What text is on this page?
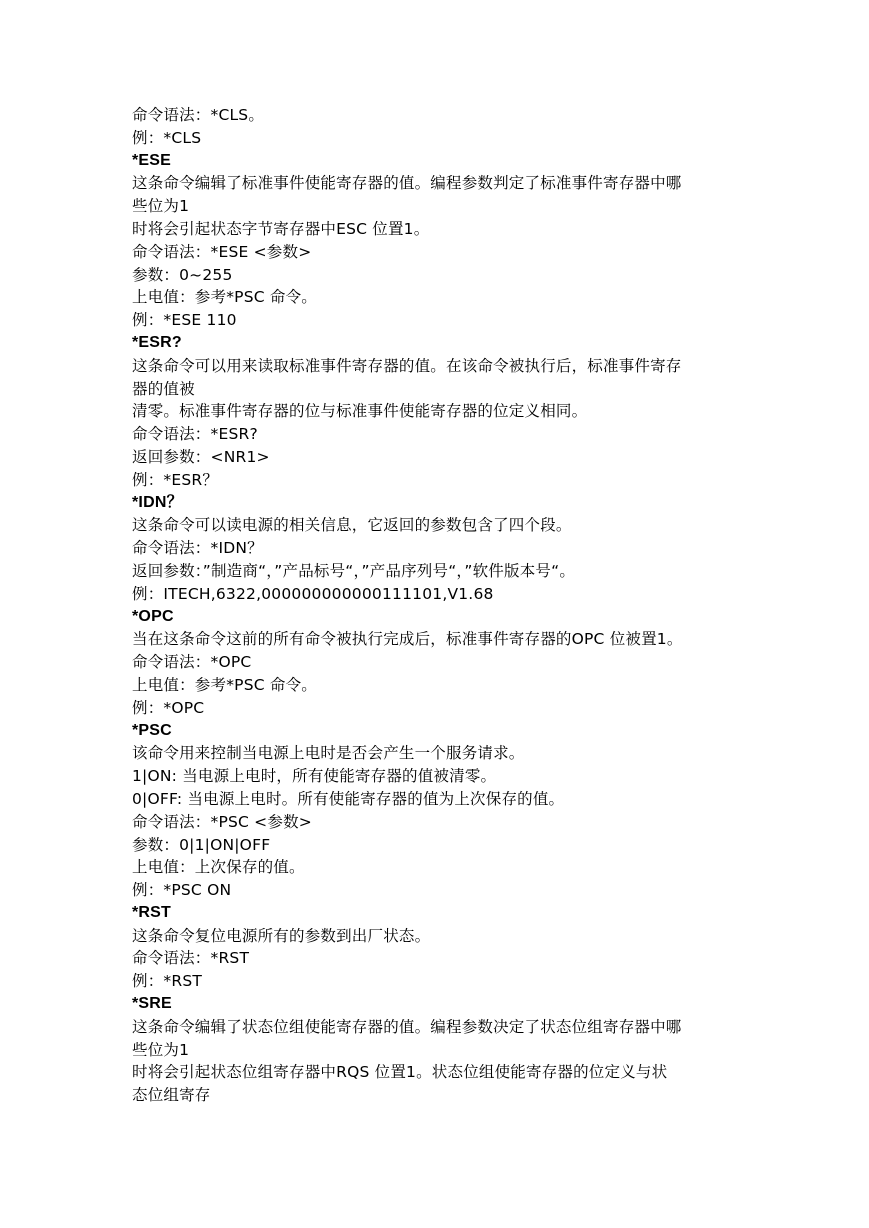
命令语法：*CLS。
例：*CLS
*ESE
这条命令编辑了标准事件使能寄存器的值。编程参数判定了标准事件寄存器中哪
些位为1
时将会引起状态字节寄存器中ESC 位置1。
命令语法：*ESE <参数>
参数：0~255
上电值：参考*PSC 命令。
例：*ESE 110
*ESR?
这条命令可以用来读取标准事件寄存器的值。在该命令被执行后，标准事件寄存
器的值被
清零。标准事件寄存器的位与标准事件使能寄存器的位定义相同。
命令语法：*ESR?
返回参数：<NR1>
例：*ESR？
*IDN？
这条命令可以读电源的相关信息，它返回的参数包含了四个段。
命令语法：*IDN？
返回参数：”制造商“，”产品标号“，”产品序列号“，”软件版本号“。
例：ITECH,6322,000000000000111101,V1.68
*OPC
当在这条命令这前的所有命令被执行完成后，标准事件寄存器的OPC 位被置1。
命令语法：*OPC
上电值：参考*PSC 命令。
例：*OPC
*PSC
该命令用来控制当电源上电时是否会产生一个服务请求。
1|ON: 当电源上电时，所有使能寄存器的值被清零。
0|OFF: 当电源上电时。所有使能寄存器的值为上次保存的值。
命令语法：*PSC <参数>
参数：0|1|ON|OFF
上电值：上次保存的值。
例：*PSC ON
*RST
这条命令复位电源所有的参数到出厂状态。
命令语法：*RST
例：*RST
*SRE
这条命令编辑了状态位组使能寄存器的值。编程参数决定了状态位组寄存器中哪
些位为1
时将会引起状态位组寄存器中RQS 位置1。状态位组使能寄存器的位定义与状
态位组寄存
